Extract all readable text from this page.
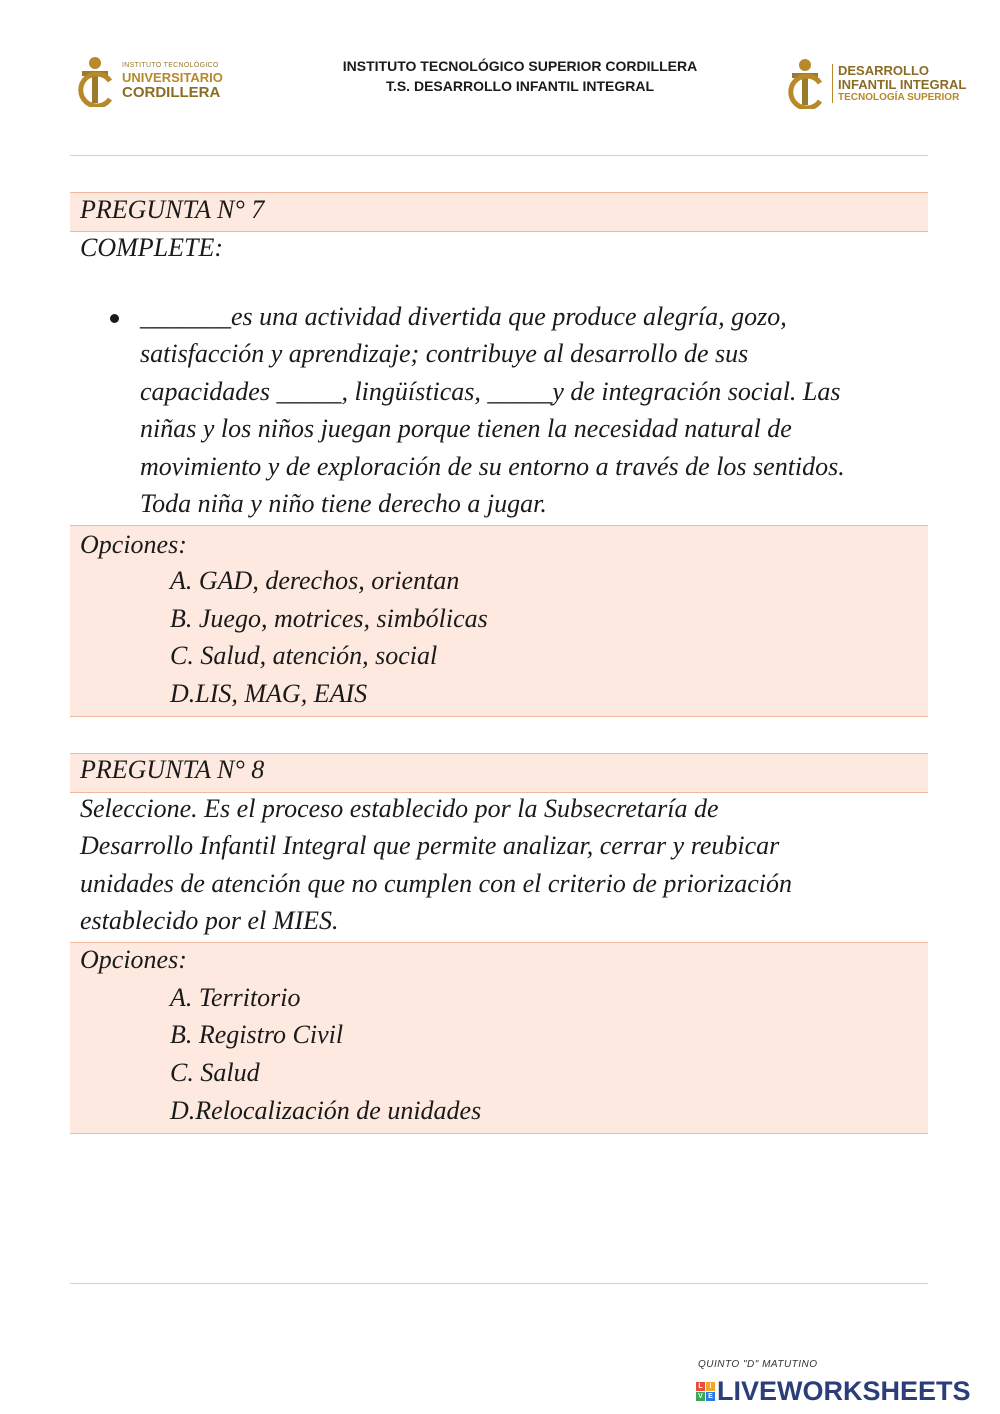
INSTITUTO TECNOLÓGICO
UNIVERSITARIO
CORDILLERA
INSTITUTO TECNOLÓGICO SUPERIOR CORDILLERA
T.S. DESARROLLO INFANTIL INTEGRAL
DESARROLLO
INFANTIL INTEGRAL
TECNOLOGÍA SUPERIOR
PREGUNTA N° 7
COMPLETE:
_______es una actividad divertida que produce alegría, gozo,
satisfacción y aprendizaje; contribuye al desarrollo de sus
capacidades _____, lingüísticas, _____y de integración social. Las
niñas y los niños juegan porque tienen la necesidad natural de
movimiento y de exploración de su entorno a través de los sentidos.
Toda niña y niño tiene derecho a jugar.
Opciones:
A. GAD, derechos, orientan
B. Juego, motrices, simbólicas
C. Salud, atención, social
D.LIS, MAG, EAIS
PREGUNTA N° 8
Seleccione. Es el proceso establecido por la Subsecretaría de
Desarrollo Infantil Integral que permite analizar, cerrar y reubicar
unidades de atención que no cumplen con el criterio de priorización
establecido por el MIES.
Opciones:
A. Territorio
B. Registro Civil
C. Salud
D.Relocalización de unidades
QUINTO "D" MATUTINO
L I
V E LIVEWORKSHEETS
